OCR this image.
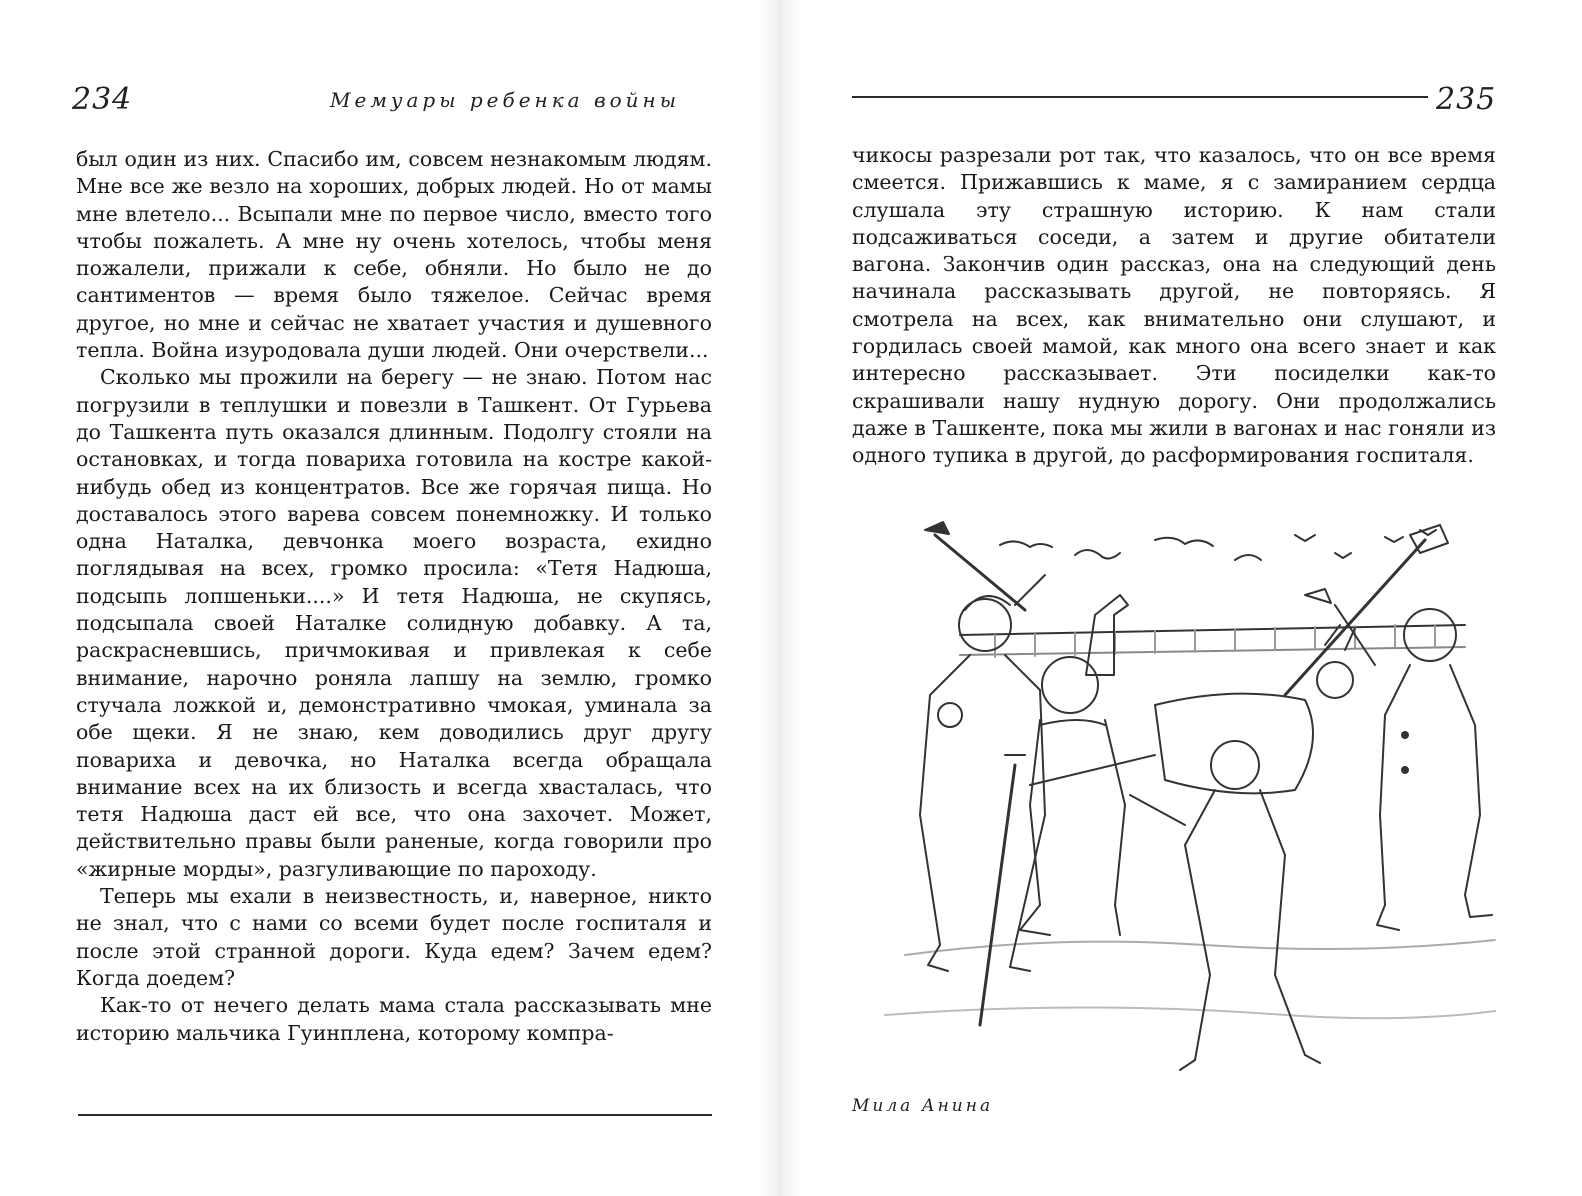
234	Мемуары ребенка войны

был один из них. Спасибо им, совсем незнакомым людям. Мне все же везло на хороших, добрых людей. Но от мамы мне влетело... Всыпали мне по первое число, вместо того чтобы пожалеть. А мне ну очень хотелось, чтобы меня пожалели, прижали к себе, обняли. Но было не до сантиментов — время было тяжелое. Сейчас время другое, но мне и сейчас не хватает участия и душевного тепла. Война изуродовала души людей. Они очерствели...

Сколько мы прожили на берегу — не знаю. Потом нас погрузили в теплушки и повезли в Ташкент. От Гурьева до Ташкента путь оказался длинным. Подолгу стояли на остановках, и тогда повариха готовила на костре какой-нибудь обед из концентратов. Все же горячая пища. Но доставалось этого варева совсем понемножку. И только одна Наталка, девчонка моего возраста, ехидно поглядывая на всех, громко просила: «Тетя Надюша, подсыпь лопшеньки....» И тетя Надюша, не скупясь, подсыпала своей Наталке солидную добавку. А та, раскрасневшись, причмокивая и привлекая к себе внимание, нарочно роняла лапшу на землю, громко стучала ложкой и, демонстративно чмокая, уминала за обе щеки. Я не знаю, кем доводились друг другу повариха и девочка, но Наталка всегда обращала внимание всех на их близость и всегда хвасталась, что тетя Надюша даст ей все, что она захочет. Может, действительно правы были раненые, когда говорили про «жирные морды», разгуливающие по пароходу.

Теперь мы ехали в неизвестность, и, наверное, никто не знал, что с нами со всеми будет после госпиталя и после этой странной дороги. Куда едем? Зачем едем? Когда доедем?

Как-то от нечего делать мама стала рассказывать мне историю мальчика Гуинплена, которому компра-

235

чикосы разрезали рот так, что казалось, что он все время смеется. Прижавшись к маме, я с замиранием сердца слушала эту страшную историю. К нам стали подсаживаться соседи, а затем и другие обитатели вагона. Закончив один рассказ, она на следующий день начинала рассказывать другой, не повторяясь. Я смотрела на всех, как внимательно они слушают, и гордилась своей мамой, как много она всего знает и как интересно рассказывает. Эти посиделки как-то скрашивали нашу нудную дорогу. Они продолжались даже в Ташкенте, пока мы жили в вагонах и нас гоняли из одного тупика в другой, до расформирования госпиталя.

Мила Анина
